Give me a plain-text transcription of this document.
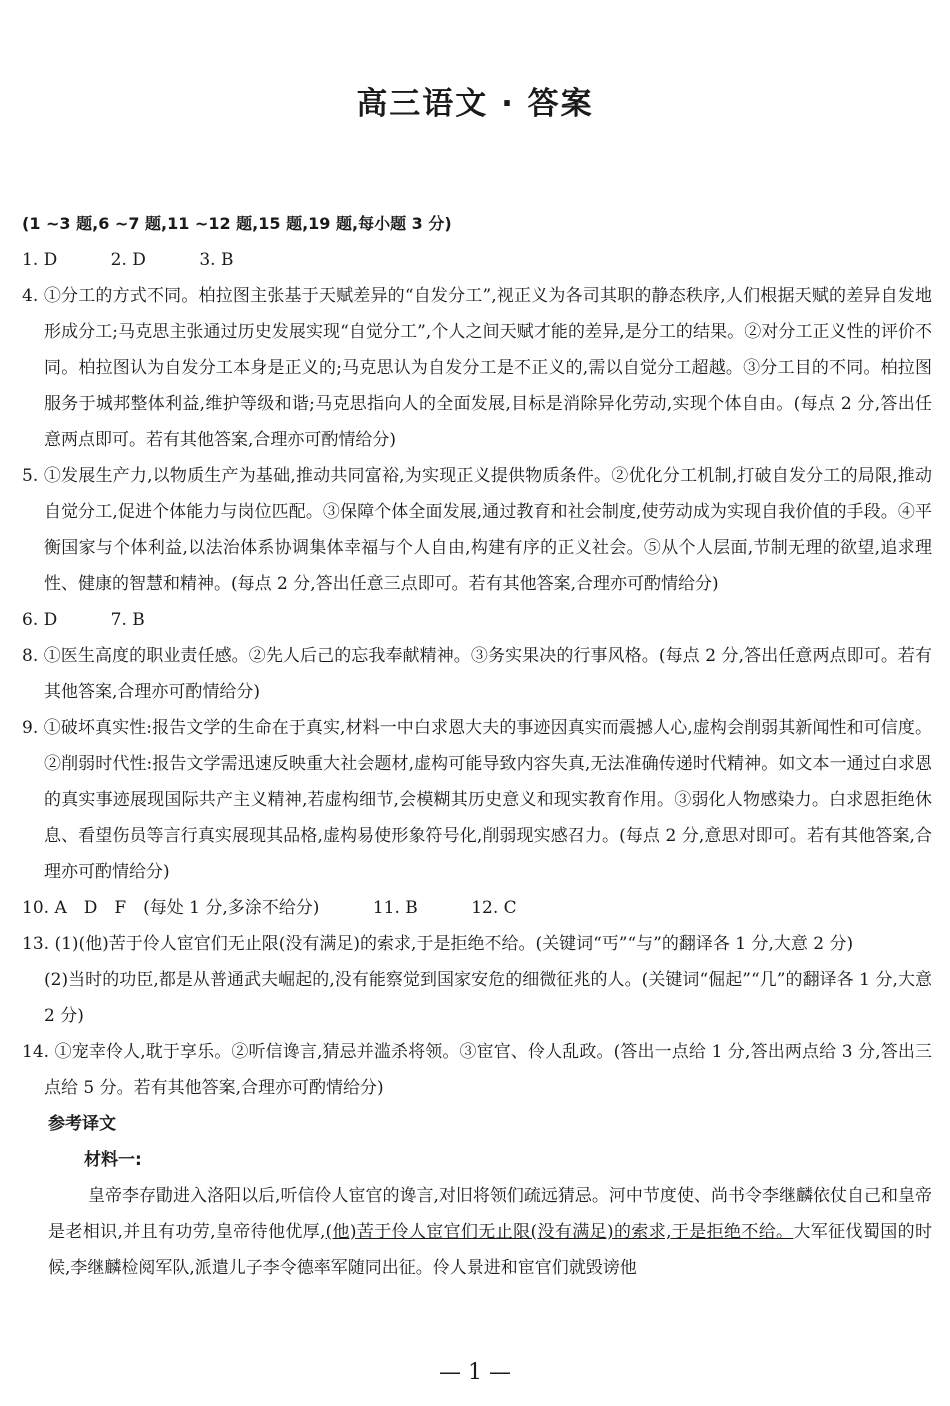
高三语文 · 答案

(1 ~3 题,6 ~7 题,11 ~12 题,15 题,19 题,每小题 3 分)

1. D	2. D	3. B

4. ①分工的方式不同。柏拉图主张基于天赋差异的“自发分工”,视正义为各司其职的静态秩序,人们根据天赋的差异自发地形成分工;马克思主张通过历史发展实现“自觉分工”,个人之间天赋才能的差异,是分工的结果。②对分工正义性的评价不同。柏拉图认为自发分工本身是正义的;马克思认为自发分工是不正义的,需以自觉分工超越。③分工目的不同。柏拉图服务于城邦整体利益,维护等级和谐;马克思指向人的全面发展,目标是消除异化劳动,实现个体自由。(每点 2 分,答出任意两点即可。若有其他答案,合理亦可酌情给分)

5. ①发展生产力,以物质生产为基础,推动共同富裕,为实现正义提供物质条件。②优化分工机制,打破自发分工的局限,推动自觉分工,促进个体能力与岗位匹配。③保障个体全面发展,通过教育和社会制度,使劳动成为实现自我价值的手段。④平衡国家与个体利益,以法治体系协调集体幸福与个人自由,构建有序的正义社会。⑤从个人层面,节制无理的欲望,追求理性、健康的智慧和精神。(每点 2 分,答出任意三点即可。若有其他答案,合理亦可酌情给分)

6. D	7. B

8. ①医生高度的职业责任感。②先人后己的忘我奉献精神。③务实果决的行事风格。(每点 2 分,答出任意两点即可。若有其他答案,合理亦可酌情给分)

9. ①破坏真实性:报告文学的生命在于真实,材料一中白求恩大夫的事迹因真实而震撼人心,虚构会削弱其新闻性和可信度。②削弱时代性:报告文学需迅速反映重大社会题材,虚构可能导致内容失真,无法准确传递时代精神。如文本一通过白求恩的真实事迹展现国际共产主义精神,若虚构细节,会模糊其历史意义和现实教育作用。③弱化人物感染力。白求恩拒绝休息、看望伤员等言行真实展现其品格,虚构易使形象符号化,削弱现实感召力。(每点 2 分,意思对即可。若有其他答案,合理亦可酌情给分)

10. A　D　F　(每处 1 分,多涂不给分)	11. B	12. C

13. (1)(他)苦于伶人宦官们无止限(没有满足)的索求,于是拒绝不给。(关键词“丐”“与”的翻译各 1 分,大意 2 分)

(2)当时的功臣,都是从普通武夫崛起的,没有能察觉到国家安危的细微征兆的人。(关键词“倔起”“几”的翻译各 1 分,大意 2 分)

14. ①宠幸伶人,耽于享乐。②听信谗言,猜忌并滥杀将领。③宦官、伶人乱政。(答出一点给 1 分,答出两点给 3 分,答出三点给 5 分。若有其他答案,合理亦可酌情给分)

参考译文

材料一:

皇帝李存勖进入洛阳以后,听信伶人宦官的谗言,对旧将领们疏远猜忌。河中节度使、尚书令李继麟依仗自己和皇帝是老相识,并且有功劳,皇帝待他优厚,(他)苦于伶人宦官们无止限(没有满足)的索求,于是拒绝不给。大军征伐蜀国的时候,李继麟检阅军队,派遣儿子李令德率军随同出征。伶人景进和宦官们就毁谤他

— 1 —
